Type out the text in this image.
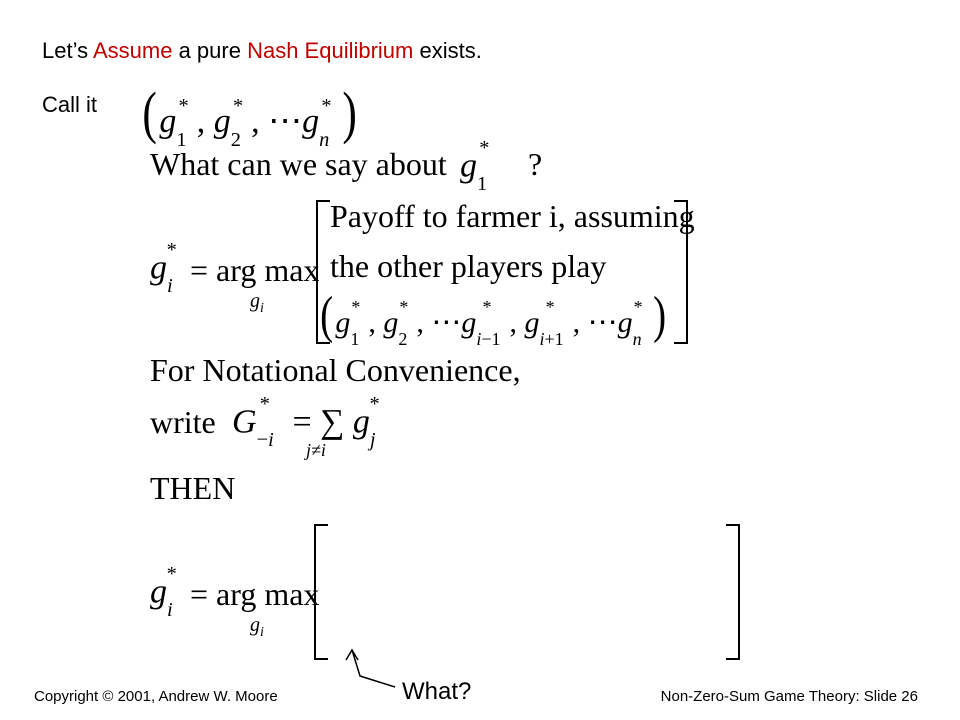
Let’s Assume a pure Nash Equilibrium exists.
Call it ($g_1^*$ , $g_2^*$ , $\cdots g_n^*$ )
What can we say about $g_1^*$ ?
$g_i^*$
= arg max
$g_i$
Payoff to farmer i, assuming
the other players play
($g_1^*$ , $g_2^*$ , $\cdots g_{i-1}^*$ , $g_{i+1}^*$ , $\cdots g_n^*$ )
For Notational Convenience,
write $G_{-i}^*$ = ∑ $g_j^*$
j≠i
THEN
$g_i^*$
= arg max
$g_i$
What?
Copyright © 2001, Andrew W. Moore	Non-Zero-Sum Game Theory: Slide 26
